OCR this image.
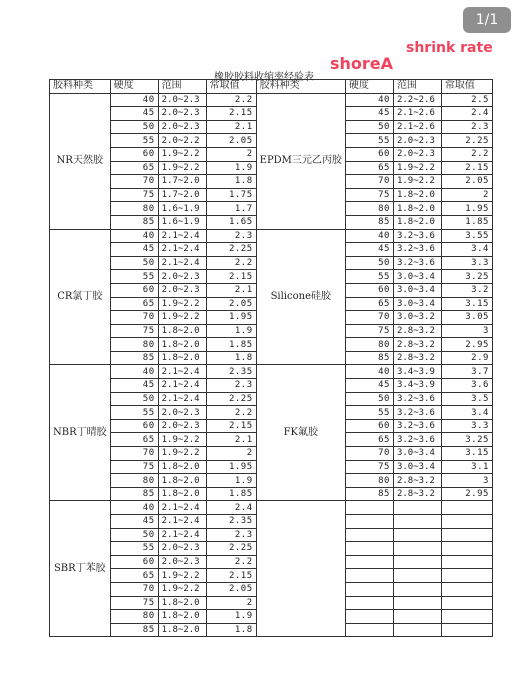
1/1
shrink rate
shoreA
橡胶胶料收缩率经验表
胶料种类	硬度	范围	常取值	胶料种类	硬度	范围	常取值
NR天然胶	40	2.0~2.3	2.2	EPDM三元乙丙胶	40	2.2~2.6	2.5
	45	2.0~2.3	2.15		45	2.1~2.6	2.4
	50	2.0~2.3	2.1		50	2.1~2.6	2.3
	55	2.0~2.2	2.05		55	2.0~2.3	2.25
	60	1.9~2.2	2		60	2.0~2.3	2.2
	65	1.9~2.2	1.9		65	1.9~2.2	2.15
	70	1.7~2.0	1.8		70	1.9~2.2	2.05
	75	1.7~2.0	1.75		75	1.8~2.0	2
	80	1.6~1.9	1.7		80	1.8~2.0	1.95
	85	1.6~1.9	1.65		85	1.8~2.0	1.85
CR氯丁胶	40	2.1~2.4	2.3	Silicone硅胶	40	3.2~3.6	3.55
	45	2.1~2.4	2.25		45	3.2~3.6	3.4
	50	2.1~2.4	2.2		50	3.2~3.6	3.3
	55	2.0~2.3	2.15		55	3.0~3.4	3.25
	60	2.0~2.3	2.1		60	3.0~3.4	3.2
	65	1.9~2.2	2.05		65	3.0~3.4	3.15
	70	1.9~2.2	1.95		70	3.0~3.2	3.05
	75	1.8~2.0	1.9		75	2.8~3.2	3
	80	1.8~2.0	1.85		80	2.8~3.2	2.95
	85	1.8~2.0	1.8		85	2.8~3.2	2.9
NBR丁晴胶	40	2.1~2.4	2.35	FK氟胶	40	3.4~3.9	3.7
	45	2.1~2.4	2.3		45	3.4~3.9	3.6
	50	2.1~2.4	2.25		50	3.2~3.6	3.5
	55	2.0~2.3	2.2		55	3.2~3.6	3.4
	60	2.0~2.3	2.15		60	3.2~3.6	3.3
	65	1.9~2.2	2.1		65	3.2~3.6	3.25
	70	1.9~2.2	2		70	3.0~3.4	3.15
	75	1.8~2.0	1.95		75	3.0~3.4	3.1
	80	1.8~2.0	1.9		80	2.8~3.2	3
	85	1.8~2.0	1.85		85	2.8~3.2	2.95
SBR丁苯胶	40	2.1~2.4	2.4				
	45	2.1~2.4	2.35				
	50	2.1~2.4	2.3				
	55	2.0~2.3	2.25				
	60	2.0~2.3	2.2				
	65	1.9~2.2	2.15				
	70	1.9~2.2	2.05				
	75	1.8~2.0	2				
	80	1.8~2.0	1.9				
	85	1.8~2.0	1.8				
